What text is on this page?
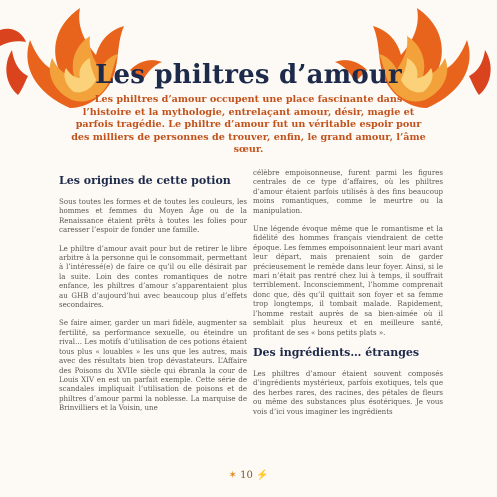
Les philtres d’amour
Les philtres d’amour occupent une place fascinante dans l’histoire et la mythologie, entrelaçant amour, désir, magie et parfois tragédie. Le philtre d’amour fut un véritable espoir pour des milliers de personnes de trouver, enfin, le grand amour, l’âme sœur.
Les origines de cette potion

Sous toutes les formes et de toutes les couleurs, les hommes et femmes du Moyen Âge ou de la Renaissance étaient prêts à toutes les folies pour caresser l’espoir de fonder une famille.

Le philtre d’amour avait pour but de retirer le libre arbitre à la personne qui le consommait, permettant à l’intéressé(e) de faire ce qu’il ou elle désirait par la suite. Loin des contes romantiques de notre enfance, les philtres d’amour s’apparentaient plus au GHB d’aujourd’hui avec beaucoup plus d’effets secondaires.

Se faire aimer, garder un mari fidèle, augmenter sa fertilité, sa performance sexuelle, ou éteindre un rival… Les motifs d’utilisation de ces potions étaient tous plus « louables » les uns que les autres, mais avec des résultats bien trop dévastateurs. L’Affaire des Poisons du XVIIe siècle qui ébranla la cour de Louis XIV en est un parfait exemple. Cette série de scandales impliquait l’utilisation de poisons et de philtres d’amour parmi la noblesse. La marquise de Brinvilliers et la Voisin, une

célèbre empoisonneuse, furent parmi les figures centrales de ce type d’affaires, où les philtres d’amour étaient parfois utilisés à des fins beaucoup moins romantiques, comme le meurtre ou la manipulation.

Une légende évoque même que le romantisme et la fidélité des hommes français viendraient de cette époque. Les femmes empoisonnaient leur mari avant leur départ, mais prenaient soin de garder précieusement le remède dans leur foyer. Ainsi, si le mari n’était pas rentré chez lui à temps, il souffrait terriblement. Inconsciemment, l’homme comprenait donc que, dès qu’il quittait son foyer et sa femme trop longtemps, il tombait malade. Rapidement, l’homme restait auprès de sa bien-aimée où il semblait plus heureux et en meilleure santé, profitant de ses « bons petits plats ».

Des ingrédients… étranges

Les philtres d’amour étaient souvent composés d’ingrédients mystérieux, parfois exotiques, tels que des herbes rares, des racines, des pétales de fleurs ou même des substances plus ésotériques. Je vous vois d’ici vous imaginer les ingrédients

✶ 10 ⚡
